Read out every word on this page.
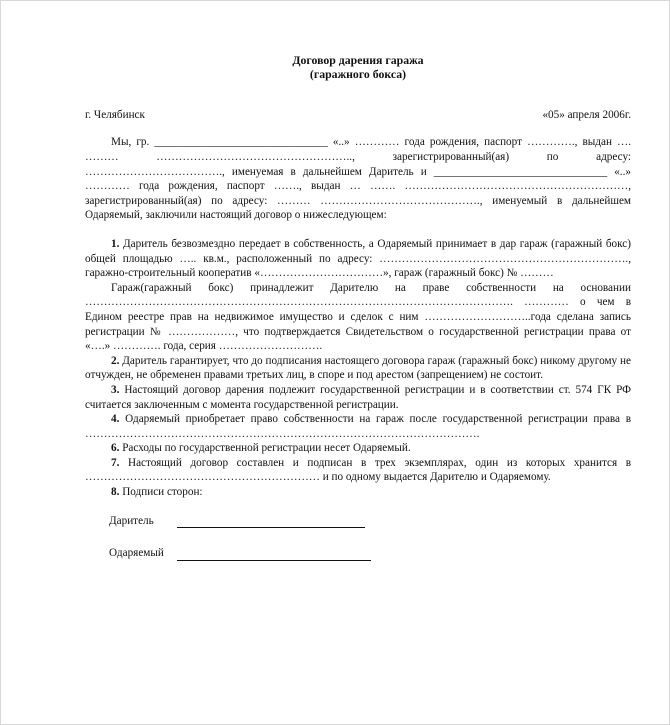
Договор дарения гаража
(гаражного бокса)
г. Челябинск	«05» апреля 2006г.

Мы, гр. _______________________________ «..» ………… года рождения, паспорт …………., выдан …. ……… …………………………………………….., зарегистрированный(ая) по адресу: ………………………………., именуемая в дальнейшем Даритель и _______________________________ «..» ………… года рождения, паспорт ……., выдан … ……. ……………………………………………………, зарегистрированный(ая) по адресу: ……… ……………………………………., именуемый в дальнейшем Одаряемый, заключили настоящий договор о нижеследующем:

1. Даритель безвозмездно передает в собственность, а Одаряемый принимает в дар гараж (гаражный бокс) общей площадью ….. кв.м., расположенный по адресу: …………………………………………………………., гаражно-строительный кооператив «……………………………», гараж (гаражный бокс) № ………

Гараж(гаражный бокс) принадлежит Дарителю на праве собственности на основании ……………………………………………………………………………………………………. ………… о чем в Едином реестре прав на недвижимое имущество и сделок с ним ………………………..года сделана запись регистрации № ………………, что подтверждается Свидетельством о государственной регистрации права от «….» …………. года, серия ……………………….

2. Даритель гарантирует, что до подписания настоящего договора гараж (гаражный бокс) никому другому не отчужден, не обременен правами третьих лиц, в споре и под арестом (запрещением) не состоит.

3. Настоящий договор дарения подлежит государственной регистрации и в соответствии ст. 574 ГК РФ считается заключенным с момента государственной регистрации.

4. Одаряемый приобретает право собственности на гараж после государственной регистрации права в …………………………………………………………………………………………….

6. Расходы по государственной регистрации несет Одаряемый.

7. Настоящий договор составлен и подписан в трех экземплярах, один из которых хранится в ……………………………………………………… и по одному выдается Дарителю и Одаряемому.

8. Подписи сторон:

Даритель
Одаряемый
